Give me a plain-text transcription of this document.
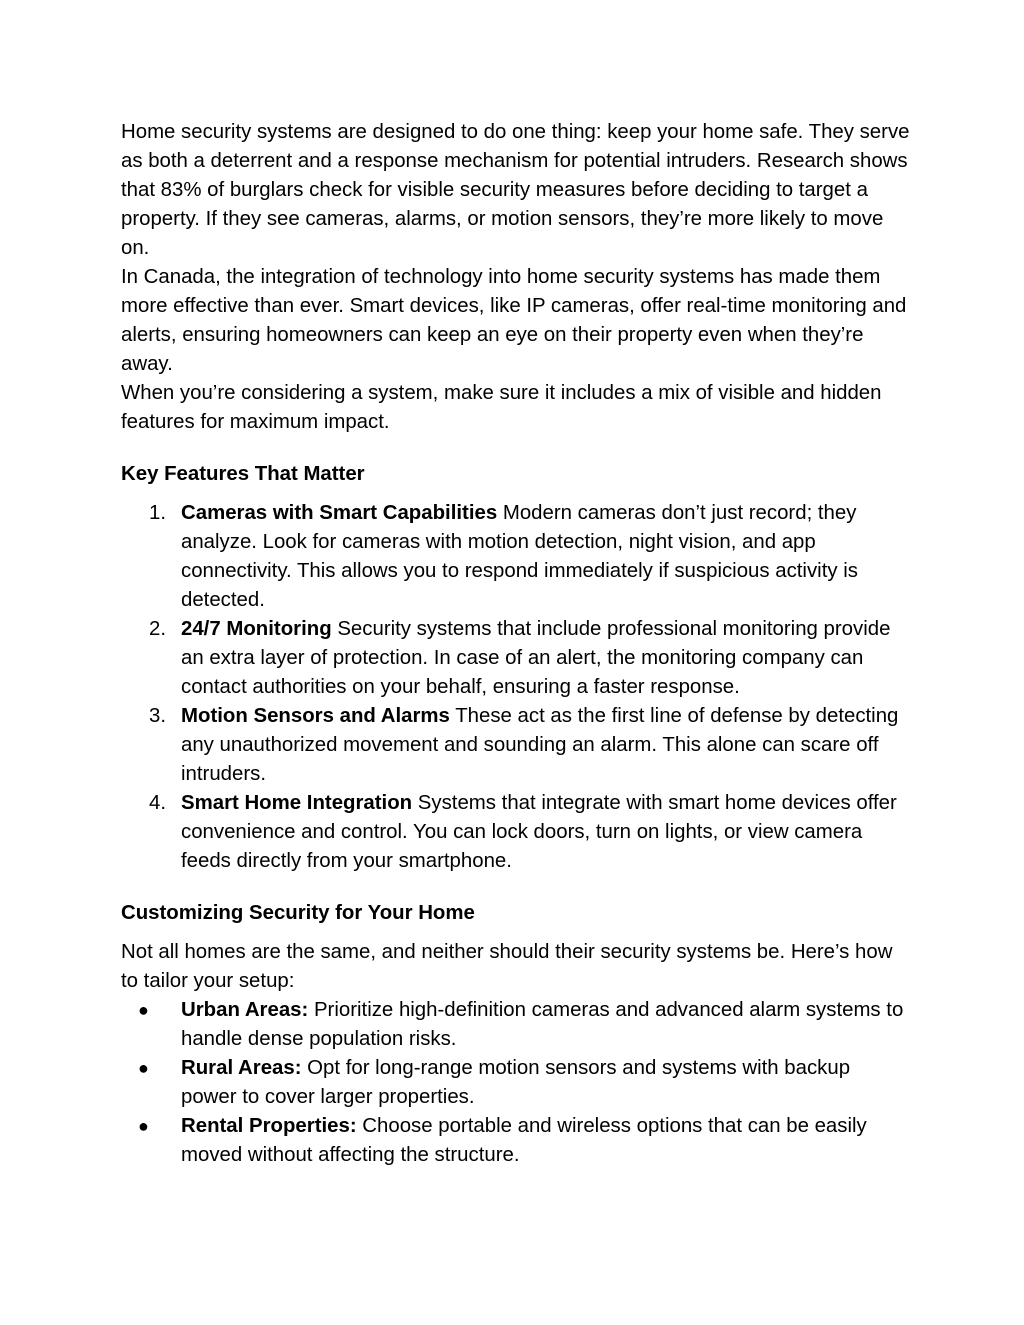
Home security systems are designed to do one thing: keep your home safe. They serve as both a deterrent and a response mechanism for potential intruders. Research shows that 83% of burglars check for visible security measures before deciding to target a property. If they see cameras, alarms, or motion sensors, they’re more likely to move on.

In Canada, the integration of technology into home security systems has made them more effective than ever. Smart devices, like IP cameras, offer real-time monitoring and alerts, ensuring homeowners can keep an eye on their property even when they’re away.

When you’re considering a system, make sure it includes a mix of visible and hidden features for maximum impact.

Key Features That Matter
1. Cameras with Smart Capabilities Modern cameras don’t just record; they analyze. Look for cameras with motion detection, night vision, and app connectivity. This allows you to respond immediately if suspicious activity is detected.
2. 24/7 Monitoring Security systems that include professional monitoring provide an extra layer of protection. In case of an alert, the monitoring company can contact authorities on your behalf, ensuring a faster response.
3. Motion Sensors and Alarms These act as the first line of defense by detecting any unauthorized movement and sounding an alarm. This alone can scare off intruders.
4. Smart Home Integration Systems that integrate with smart home devices offer convenience and control. You can lock doors, turn on lights, or view camera feeds directly from your smartphone.
Customizing Security for Your Home

Not all homes are the same, and neither should their security systems be. Here’s how to tailor your setup:

● Urban Areas: Prioritize high-definition cameras and advanced alarm systems to handle dense population risks.
● Rural Areas: Opt for long-range motion sensors and systems with backup power to cover larger properties.
● Rental Properties: Choose portable and wireless options that can be easily moved without affecting the structure.
